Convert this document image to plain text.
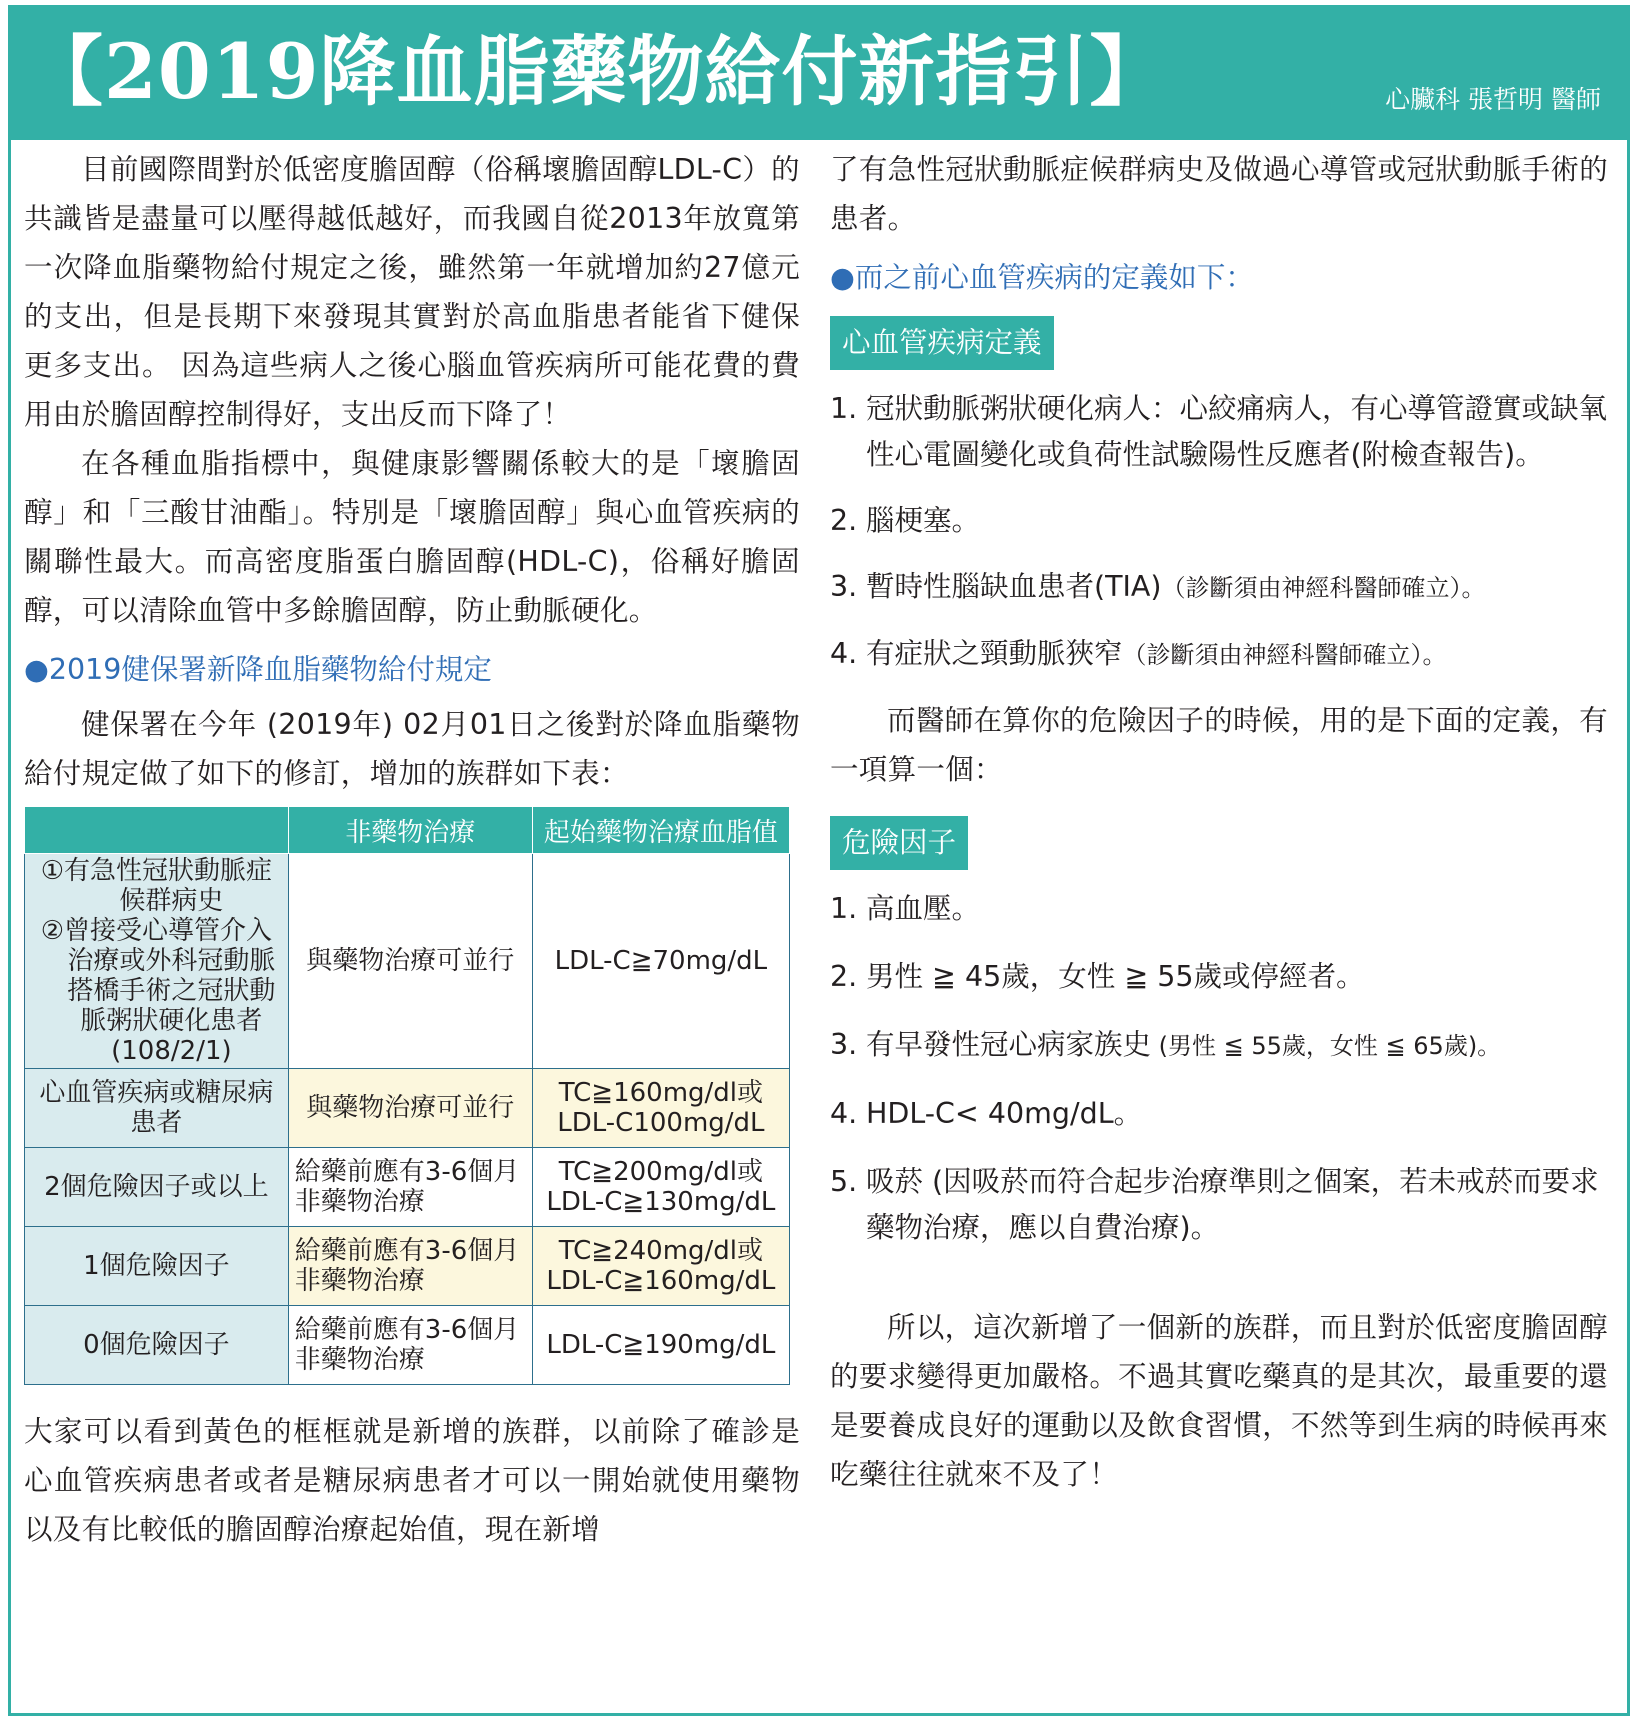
【2019降血脂藥物給付新指引】	心臟科 張哲明 醫師

目前國際間對於低密度膽固醇（俗稱壞膽固醇LDL-C）的共識皆是盡量可以壓得越低越好，而我國自從2013年放寬第一次降血脂藥物給付規定之後，雖然第一年就增加約27億元的支出，但是長期下來發現其實對於高血脂患者能省下健保更多支出。 因為這些病人之後心腦血管疾病所可能花費的費用由於膽固醇控制得好，支出反而下降了！

在各種血脂指標中，與健康影響關係較大的是「壞膽固醇」和「三酸甘油酯」。特別是「壞膽固醇」與心血管疾病的關聯性最大。而高密度脂蛋白膽固醇(HDL-C)，俗稱好膽固醇，可以清除血管中多餘膽固醇，防止動脈硬化。

●2019健保署新降血脂藥物給付規定

健保署在今年 (2019年) 02月01日之後對於降血脂藥物給付規定做了如下的修訂，增加的族群如下表：

	非藥物治療	起始藥物治療血脂值

①有急性冠狀動脈症候群病史
②曾接受心導管介入治療或外科冠動脈搭橋手術之冠狀動脈粥狀硬化患者(108/2/1)	與藥物治療可並行	LDL-C≧70mg/dL
心血管疾病或糖尿病患者	與藥物治療可並行	TC≧160mg/dl或
LDL-C100mg/dL

2個危險因子或以上	給藥前應有3-6個月非藥物治療	TC≧200mg/dl或
LDL-C≧130mg/dL

1個危險因子	給藥前應有3-6個月非藥物治療	TC≧240mg/dl或
LDL-C≧160mg/dL

0個危險因子	給藥前應有3-6個月非藥物治療	LDL-C≧190mg/dL

大家可以看到黃色的框框就是新增的族群，以前除了確診是心血管疾病患者或者是糖尿病患者才可以一開始就使用藥物以及有比較低的膽固醇治療起始值，現在新增

了有急性冠狀動脈症候群病史及做過心導管或冠狀動脈手術的患者。

●而之前心血管疾病的定義如下：
心血管疾病定義
1. 冠狀動脈粥狀硬化病人：心絞痛病人，有心導管證實或缺氧性心電圖變化或負荷性試驗陽性反應者(附檢查報告)。
2. 腦梗塞。
3. 暫時性腦缺血患者(TIA)（診斷須由神經科醫師確立）。
4. 有症狀之頸動脈狹窄（診斷須由神經科醫師確立）。

而醫師在算你的危險因子的時候，用的是下面的定義，有一項算一個：

危險因子
1. 高血壓。
2. 男性 ≧ 45歲，女性 ≧ 55歲或停經者。
3. 有早發性冠心病家族史 (男性 ≦ 55歲，女性 ≦ 65歲)。
4. HDL-C< 40mg/dL。
5. 吸菸 (因吸菸而符合起步治療準則之個案，若未戒菸而要求藥物治療，應以自費治療)。

所以，這次新增了一個新的族群，而且對於低密度膽固醇的要求變得更加嚴格。不過其實吃藥真的是其次，最重要的還是要養成良好的運動以及飲食習慣，不然等到生病的時候再來吃藥往往就來不及了！
